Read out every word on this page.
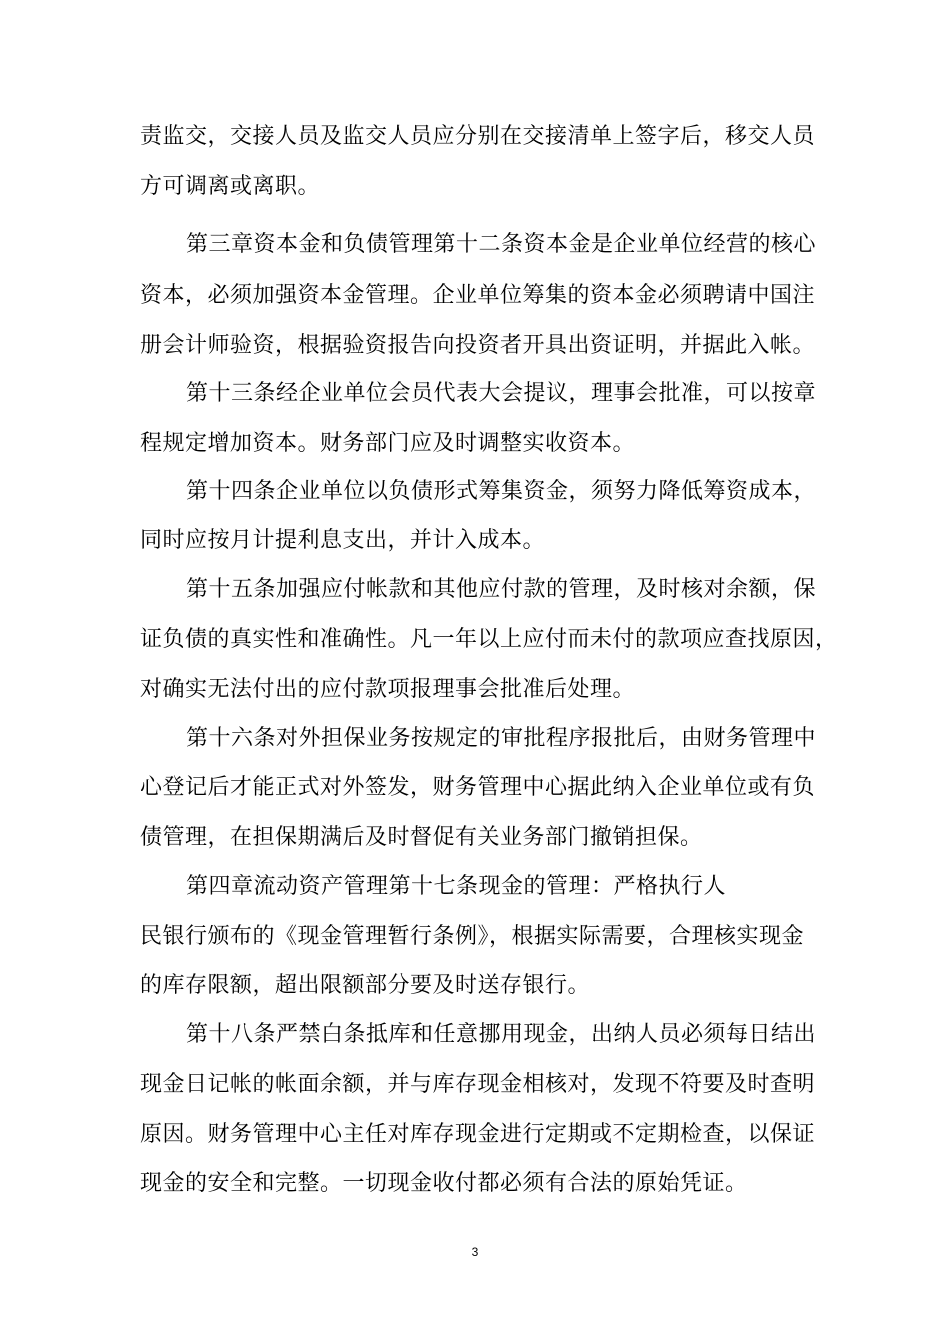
责监交，交接人员及监交人员应分别在交接清单上签字后，移交人员
方可调离或离职。
第三章资本金和负债管理第十二条资本金是企业单位经营的核心
资本，必须加强资本金管理。企业单位筹集的资本金必须聘请中国注
册会计师验资，根据验资报告向投资者开具出资证明，并据此入帐。
第十三条经企业单位会员代表大会提议，理事会批准，可以按章
程规定增加资本。财务部门应及时调整实收资本。
第十四条企业单位以负债形式筹集资金，须努力降低筹资成本，
同时应按月计提利息支出，并计入成本。
第十五条加强应付帐款和其他应付款的管理，及时核对余额，保
证负债的真实性和准确性。凡一年以上应付而未付的款项应查找原因，
对确实无法付出的应付款项报理事会批准后处理。
第十六条对外担保业务按规定的审批程序报批后，由财务管理中
心登记后才能正式对外签发，财务管理中心据此纳入企业单位或有负
债管理，在担保期满后及时督促有关业务部门撤销担保。
第四章流动资产管理第十七条现金的管理：严格执行人
民银行颁布的《现金管理暂行条例》，根据实际需要，合理核实现金
的库存限额，超出限额部分要及时送存银行。
第十八条严禁白条抵库和任意挪用现金，出纳人员必须每日结出
现金日记帐的帐面余额，并与库存现金相核对，发现不符要及时查明
原因。财务管理中心主任对库存现金进行定期或不定期检查，以保证
现金的安全和完整。一切现金收付都必须有合法的原始凭证。
3
